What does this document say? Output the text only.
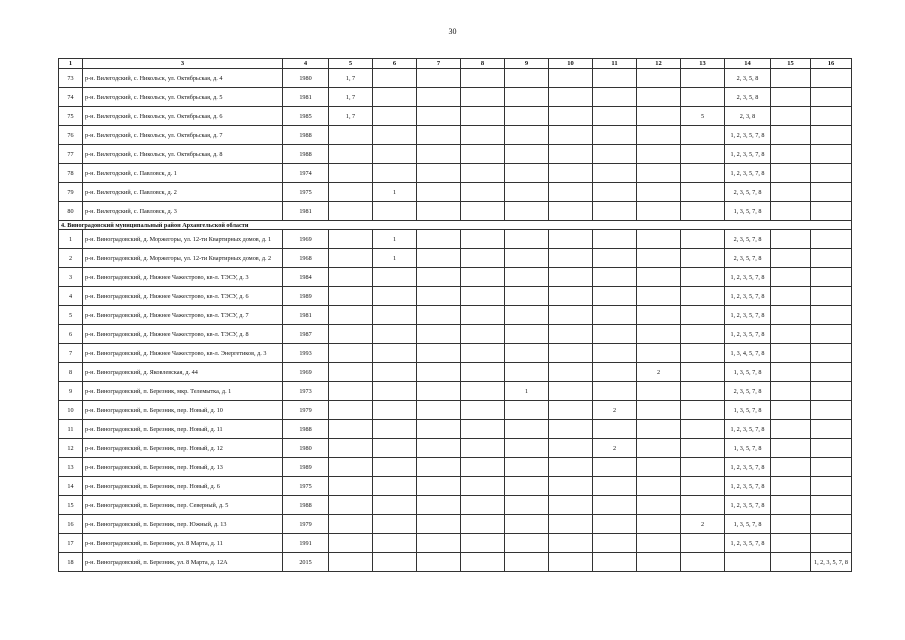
30
1	3	4	5	6	7	8	9	10	11	12	13	14	15	16
73	р-н. Вилегодский, с. Никольск, ул. Октябрьская, д. 4	1980	1, 7									2, 3, 5, 8		
74	р-н. Вилегодский, с. Никольск, ул. Октябрьская, д. 5	1981	1, 7									2, 3, 5, 8		
75	р-н. Вилегодский, с. Никольск, ул. Октябрьская, д. 6	1985	1, 7								5	2, 3, 8		
76	р-н. Вилегодский, с. Никольск, ул. Октябрьская, д. 7	1988										1, 2, 3, 5, 7, 8		
77	р-н. Вилегодский, с. Никольск, ул. Октябрьская, д. 8	1988										1, 2, 3, 5, 7, 8		
78	р-н. Вилегодский, с. Павловск, д. 1	1974										1, 2, 3, 5, 7, 8		
79	р-н. Вилегодский, с. Павловск, д. 2	1975		1								2, 3, 5, 7, 8		
80	р-н. Вилегодский, с. Павловск, д. 3	1981										1, 3, 5, 7, 8		
4. Виноградовский муниципальный район Архангельской области														
1	р-н. Виноградовский, д. Моржегоры, ул. 12-ти Квартирных домов, д. 1	1969		1								2, 3, 5, 7, 8		
2	р-н. Виноградовский, д. Моржегоры, ул. 12-ти Квартирных домов, д. 2	1968		1								2, 3, 5, 7, 8		
3	р-н. Виноградовский, д. Нижнее Чажестрово, кв-л. ТЭСУ, д. 3	1984										1, 2, 3, 5, 7, 8		
4	р-н. Виноградовский, д. Нижнее Чажестрово, кв-л. ТЭСУ, д. 6	1989										1, 2, 3, 5, 7, 8		
5	р-н. Виноградовский, д. Нижнее Чажестрово, кв-л. ТЭСУ, д. 7	1981										1, 2, 3, 5, 7, 8		
6	р-н. Виноградовский, д. Нижнее Чажестрово, кв-л. ТЭСУ, д. 8	1987										1, 2, 3, 5, 7, 8		
7	р-н. Виноградовский, д. Нижнее Чажестрово, кв-л. Энергетиков, д. 3	1993										1, 3, 4, 5, 7, 8		
8	р-н. Виноградовский, д. Яковлевская, д. 44	1969								2		1, 3, 5, 7, 8		
9	р-н. Виноградовский, п. Березник, мкр. Телемытка, д. 1	1973					1					2, 3, 5, 7, 8		
10	р-н. Виноградовский, п. Березник, пер. Новый, д. 10	1979							2			1, 3, 5, 7, 8		
11	р-н. Виноградовский, п. Березник, пер. Новый, д. 11	1988										1, 2, 3, 5, 7, 8		
12	р-н. Виноградовский, п. Березник, пер. Новый, д. 12	1980							2			1, 3, 5, 7, 8		
13	р-н. Виноградовский, п. Березник, пер. Новый, д. 13	1989										1, 2, 3, 5, 7, 8		
14	р-н. Виноградовский, п. Березник, пер. Новый, д. 6	1975										1, 2, 3, 5, 7, 8		
15	р-н. Виноградовский, п. Березник, пер. Северный, д. 5	1988										1, 2, 3, 5, 7, 8		
16	р-н. Виноградовский, п. Березник, пер. Южный, д. 13	1979									2	1, 3, 5, 7, 8		
17	р-н. Виноградовский, п. Березник, ул. 8 Марта, д. 11	1991										1, 2, 3, 5, 7, 8		
18	р-н. Виноградовский, п. Березник, ул. 8 Марта, д. 12А	2015												1, 2, 3, 5, 7, 8
